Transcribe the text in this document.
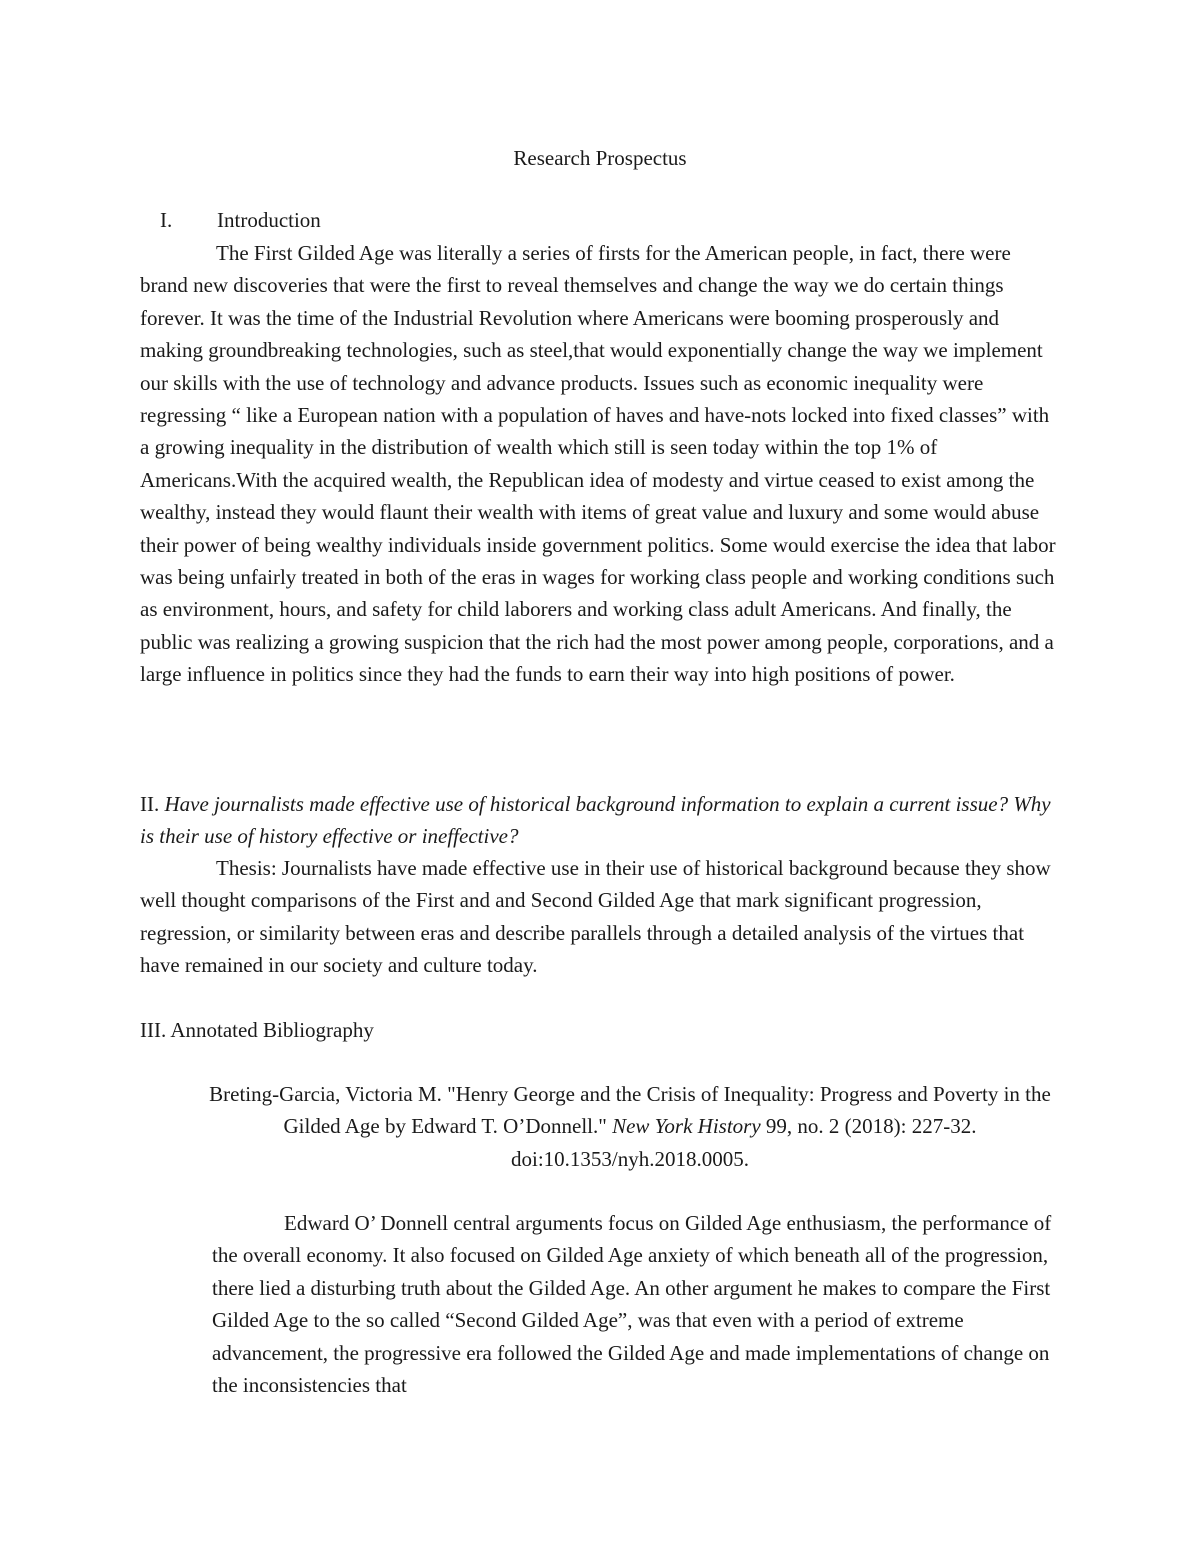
Research Prospectus
I. Introduction

The First Gilded Age was literally a series of firsts for the American people, in fact, there were brand new discoveries that were the first to reveal themselves and change the way we do certain things forever. It was the time of the Industrial Revolution where Americans were booming prosperously and making groundbreaking technologies, such as steel,that would exponentially change the way we implement our skills with the use of technology and advance products. Issues such as economic inequality were regressing “ like a European nation with a population of haves and have-nots locked into fixed classes” with a growing inequality in the distribution of wealth which still is seen today within the top 1% of Americans.With the acquired wealth, the Republican idea of modesty and virtue ceased to exist among the wealthy, instead they would flaunt their wealth with items of great value and luxury and some would abuse their power of being wealthy individuals inside government politics. Some would exercise the idea that labor was being unfairly treated in both of the eras in wages for working class people and working conditions such as environment, hours, and safety for child laborers and working class adult Americans. And finally, the public was realizing a growing suspicion that the rich had the most power among people, corporations, and a large influence in politics since they had the funds to earn their way into high positions of power.

II. Have journalists made effective use of historical background information to explain a current issue? Why is their use of history effective or ineffective?

Thesis: Journalists have made effective use in their use of historical background because they show well thought comparisons of the First and and Second Gilded Age that mark significant progression, regression, or similarity between eras and describe parallels through a detailed analysis of the virtues that have remained in our society and culture today.

III. Annotated Bibliography
Breting-Garcia, Victoria M. "Henry George and the Crisis of Inequality: Progress and Poverty in the Gilded Age by Edward T. O’Donnell." New York History 99, no. 2 (2018): 227-32. doi:10.1353/nyh.2018.0005.

Edward O’ Donnell central arguments focus on Gilded Age enthusiasm, the performance of the overall economy. It also focused on Gilded Age anxiety of which beneath all of the progression, there lied a disturbing truth about the Gilded Age. An other argument he makes to compare the First Gilded Age to the so called “Second Gilded Age”, was that even with a period of extreme advancement, the progressive era followed the Gilded Age and made implementations of change on the inconsistencies that
